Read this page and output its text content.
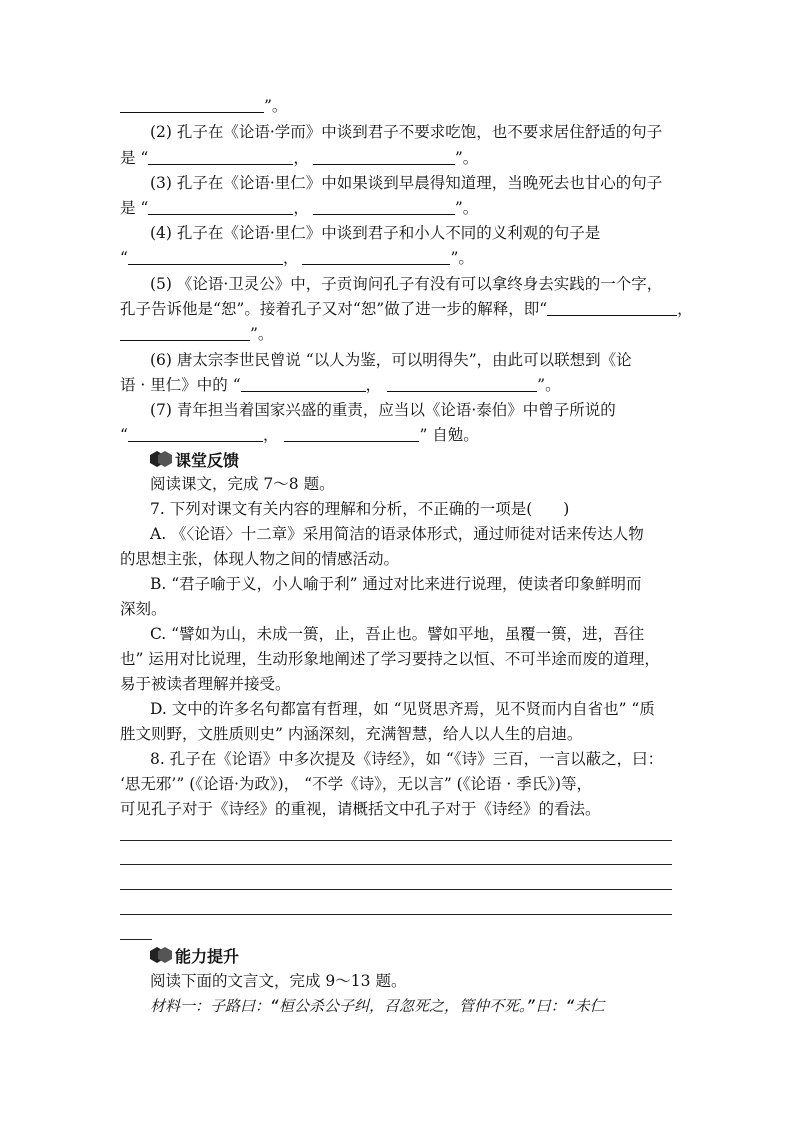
”。
(2) 孔子在《论语·学而》中谈到君子不要求吃饱，也不要求居住舒适的句子
是 “	，	”。
(3) 孔子在《论语·里仁》中如果谈到早晨得知道理，当晚死去也甘心的句子
是 “	，	”。
(4) 孔子在《论语·里仁》中谈到君子和小人不同的义利观的句子是
“	，	”。
(5) 《论语·卫灵公》中，子贡询问孔子有没有可以拿终身去实践的一个字，
孔子告诉他是“恕”。接着孔子又对“恕”做了进一步的解释，即“	，
”。
(6) 唐太宗李世民曾说 “以人为鉴，可以明得失”，由此可以联想到《论
语 · 里仁》中的 “	，	”。
(7) 青年担当着国家兴盛的重责，应当以《论语·泰伯》中曾子所说的
“	，	” 自勉。
课堂反馈
阅读课文，完成 7～8 题。
7. 下列对课文有关内容的理解和分析，不正确的一项是(　　)
A. 《〈论语〉十二章》采用简洁的语录体形式，通过师徒对话来传达人物
的思想主张，体现人物之间的情感活动。
B. “君子喻于义，小人喻于利” 通过对比来进行说理，使读者印象鲜明而
深刻。
C. “譬如为山，未成一篑，止，吾止也。譬如平地，虽覆一篑，进，吾往
也” 运用对比说理，生动形象地阐述了学习要持之以恒、不可半途而废的道理，
易于被读者理解并接受。
D. 文中的许多名句都富有哲理，如 “见贤思齐焉，见不贤而内自省也” “质
胜文则野，文胜质则史” 内涵深刻，充满智慧，给人以人生的启迪。
8. 孔子在《论语》中多次提及《诗经》，如 “《诗》三百，一言以蔽之，曰：
‘思无邪’” (《论语·为政》)， “不学《诗》，无以言” (《论语 · 季氏》)等，
可见孔子对于《诗经》的重视，请概括文中孔子对于《诗经》的看法。
能力提升
阅读下面的文言文，完成 9～13 题。
材料一：子路曰：“桓公杀公子纠，召忽死之，管仲不死。”曰：“未仁
